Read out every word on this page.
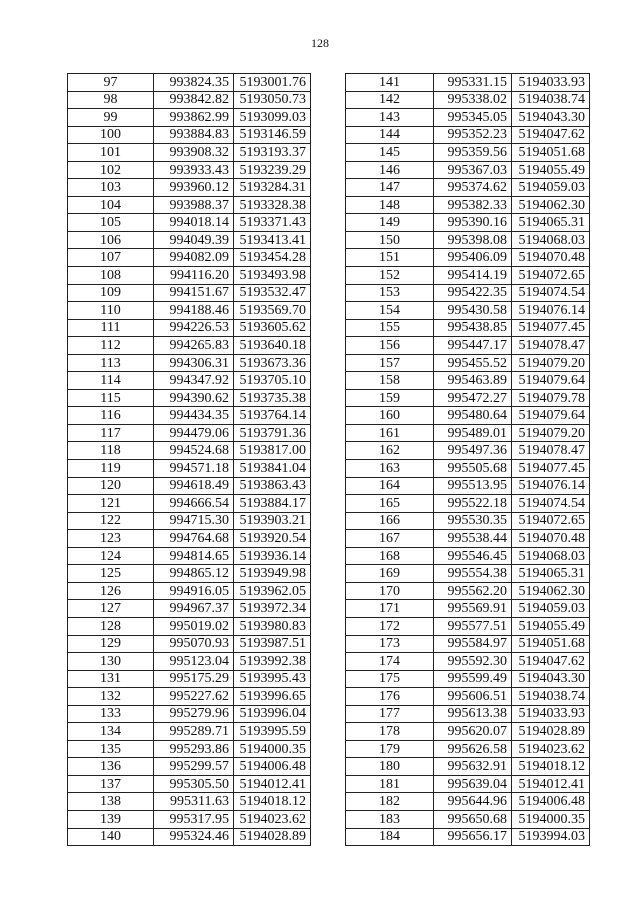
128
97	993824.35	5193001.76
98	993842.82	5193050.73
99	993862.99	5193099.03
100	993884.83	5193146.59
101	993908.32	5193193.37
102	993933.43	5193239.29
103	993960.12	5193284.31
104	993988.37	5193328.38
105	994018.14	5193371.43
106	994049.39	5193413.41
107	994082.09	5193454.28
108	994116.20	5193493.98
109	994151.67	5193532.47
110	994188.46	5193569.70
111	994226.53	5193605.62
112	994265.83	5193640.18
113	994306.31	5193673.36
114	994347.92	5193705.10
115	994390.62	5193735.38
116	994434.35	5193764.14
117	994479.06	5193791.36
118	994524.68	5193817.00
119	994571.18	5193841.04
120	994618.49	5193863.43
121	994666.54	5193884.17
122	994715.30	5193903.21
123	994764.68	5193920.54
124	994814.65	5193936.14
125	994865.12	5193949.98
126	994916.05	5193962.05
127	994967.37	5193972.34
128	995019.02	5193980.83
129	995070.93	5193987.51
130	995123.04	5193992.38
131	995175.29	5193995.43
132	995227.62	5193996.65
133	995279.96	5193996.04
134	995289.71	5193995.59
135	995293.86	5194000.35
136	995299.57	5194006.48
137	995305.50	5194012.41
138	995311.63	5194018.12
139	995317.95	5194023.62
140	995324.46	5194028.89
141	995331.15	5194033.93
142	995338.02	5194038.74
143	995345.05	5194043.30
144	995352.23	5194047.62
145	995359.56	5194051.68
146	995367.03	5194055.49
147	995374.62	5194059.03
148	995382.33	5194062.30
149	995390.16	5194065.31
150	995398.08	5194068.03
151	995406.09	5194070.48
152	995414.19	5194072.65
153	995422.35	5194074.54
154	995430.58	5194076.14
155	995438.85	5194077.45
156	995447.17	5194078.47
157	995455.52	5194079.20
158	995463.89	5194079.64
159	995472.27	5194079.78
160	995480.64	5194079.64
161	995489.01	5194079.20
162	995497.36	5194078.47
163	995505.68	5194077.45
164	995513.95	5194076.14
165	995522.18	5194074.54
166	995530.35	5194072.65
167	995538.44	5194070.48
168	995546.45	5194068.03
169	995554.38	5194065.31
170	995562.20	5194062.30
171	995569.91	5194059.03
172	995577.51	5194055.49
173	995584.97	5194051.68
174	995592.30	5194047.62
175	995599.49	5194043.30
176	995606.51	5194038.74
177	995613.38	5194033.93
178	995620.07	5194028.89
179	995626.58	5194023.62
180	995632.91	5194018.12
181	995639.04	5194012.41
182	995644.96	5194006.48
183	995650.68	5194000.35
184	995656.17	5193994.03
